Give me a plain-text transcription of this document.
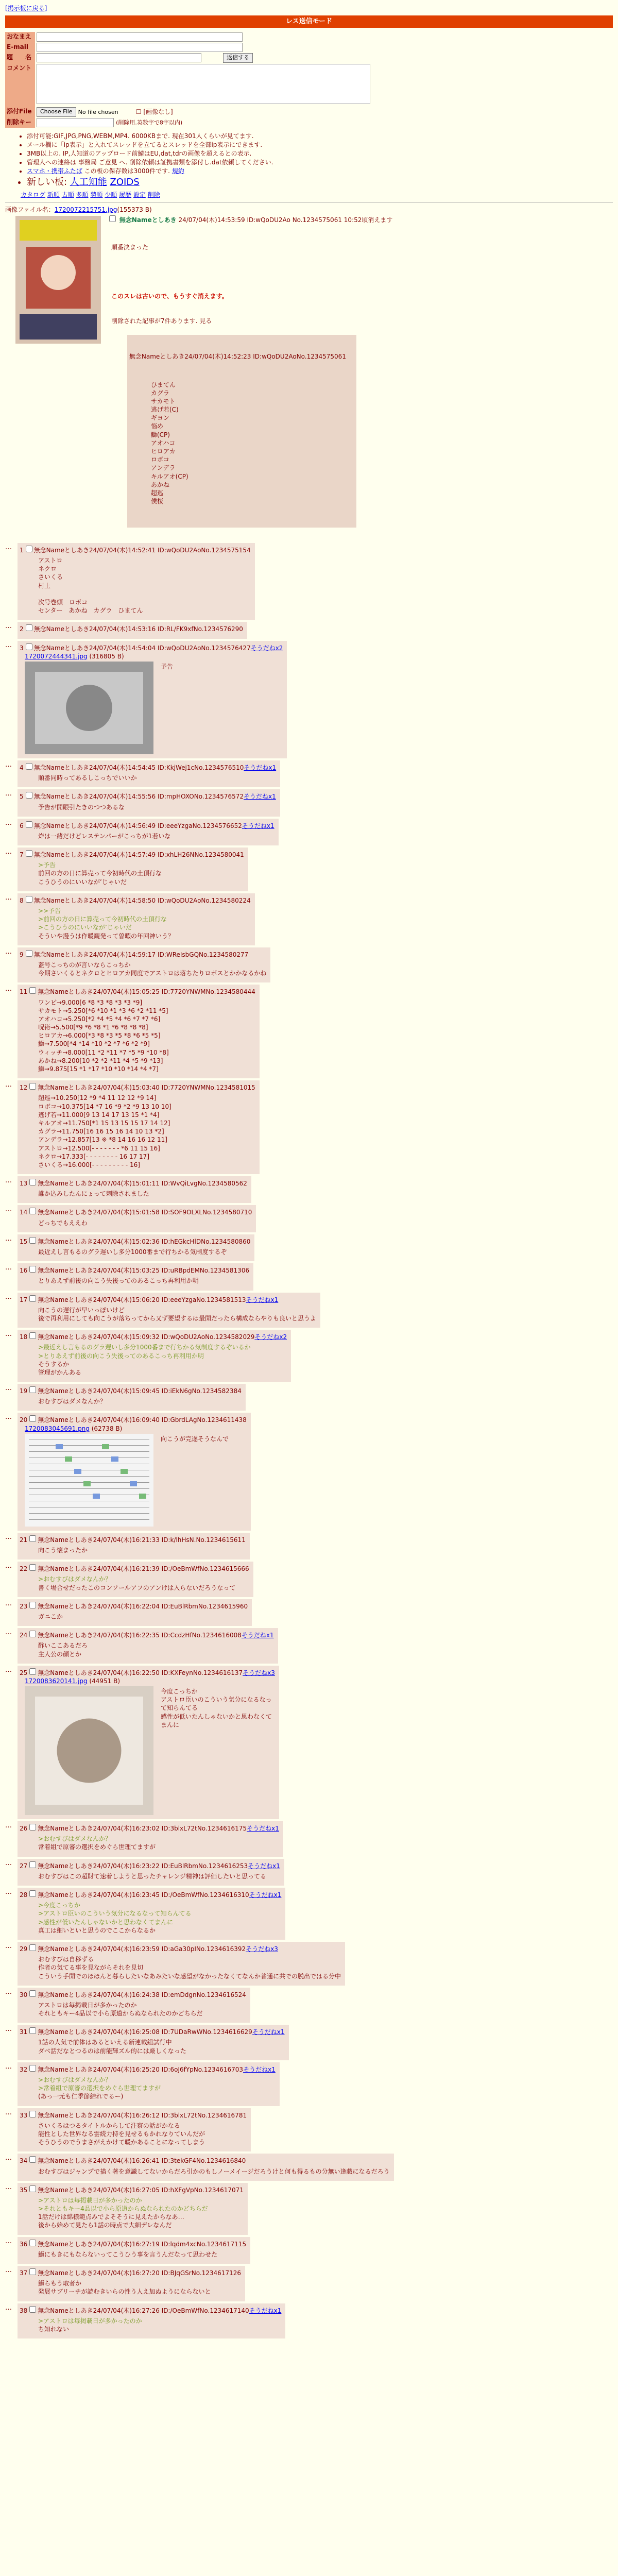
[掲示板に戻る]
レス送信モード
おなまえ	
E-mail	
題　　名	返信する
コメント	

添付File	Choose File No file chosen ☐ [画像なし]
削除キー	(削除用.英数字で8字以内)
• 添付可能:GIF,JPG,PNG,WEBM,MP4. 6000KBまで. 現在301人くらいが見てます.
• メール欄に「ip表示」と入れてスレッドを立てるとスレッドを全部ip表示にできます.
• 3MB以上の. IP,人知道のアップロード前鯖はEU,dat,tdrの画像を超えるとの表示.
• 管理人への連絡は 事務局 ご意見 へ. 削除依頼は証拠書類を添付し.dat依頼してください.
• スマホ・携帯ふたば この板の保存数は3000件です. 規約
• 新しい板: 人工知能 ZOIDS
カタログ 新順 古順 多順 勢順 少順 履歴 設定 削除
画像ファイル名：1720072215751.jpg(155373 B)
無念Nameとしあき 24/07/04(木)14:53:59 ID:wQoDU2Ao No.1234575061 10:52頃消えます

順番決まった

このスレは古いので、もうすぐ消えます。

削除された記事が7件あります. 見る

無念Nameとしあき24/07/04(木)14:52:23 ID:wQoDU2AoNo.1234575061

ひまてん
カグラ
サカモト
逃げ若(C)
ギヨン
悩め
鰤(CP)
アオハコ
ヒロアカ
ロボコ
アンデラ
キルアオ(CP)
あかね
超巡
僕桜

… 1 無念Nameとしあき24/07/04(木)14:52:41 ID:wQoDU2AoNo.1234575154
アストロ
ネクロ
さいくる
村上

次号巻頭　ロボコ
センター　あかね　カグラ　ひまてん
… 2 無念Nameとしあき24/07/04(木)14:53:16 ID:RL/FK9xfNo.1234576290
… 3 無念Nameとしあき24/07/04(木)14:54:04 ID:wQoDU2AoNo.1234576427そうだねx2
1720072444341.jpg (316805 B)
予告
… 4 無念Nameとしあき24/07/04(木)14:54:45 ID:KkjWej1cNo.1234576510そうだねx1
順番同時ってあるしこっちでいいか
… 5 無念Nameとしあき24/07/04(木)14:55:56 ID:mpHOXONo.1234576572そうだねx1
予告が開眼引たきのつつあるな
… 6 無念Nameとしあき24/07/04(木)14:56:49 ID:eeeYzgaNo.1234576652そうだねx1
炸は一緒だけどレステンパーがこっちが1若いな
… 7 無念Nameとしあき24/07/04(木)14:57:49 ID:xhLH26NNo.1234580041
>予告
前回の方の日に算売って今初時代の土頂行な
こうひうのにいいなが’じゃいだ
… 8 無念Nameとしあき24/07/04(木)14:58:50 ID:wQoDU2AoNo.1234580224
>>予告
>前回の方の日に算売って今初時代の土頂行な
>こうひうのにいいなが’じゃいだ
そういや漫うは作暖観発って曽暇の年回神いう？
… 9 無念Nameとしあき24/07/04(木)14:59:17 ID:WReIsbGQNo.1234580277
蓋号こっちのが言いならこっちか
今期さいくるとネクロとヒロアカ同度でアストロは落ちたりロボスとかかなるかね
… 11 無念Nameとしあき24/07/04(木)15:05:25 ID:7720YNWMNo.1234580444
ワンピ→9.000[6 *8 *3 *8 *3 *3 *9]
サカモト→5.250[*6 *10 *1 *3 *6 *2 *11 *5]
アオハコ→5.250[*2 *4 *5 *4 *6 *7 *7 *6]
呪術→5.500[*9 *6 *8 *1 *6 *8 *8 *8]
ヒロアカ→6.000[*3 *8 *3 *5 *8 *6 *5 *5]
鰤→7.500[*4 *14 *10 *2 *7 *6 *2 *9]
ウィッチ→8.000[11 *2 *11 *7 *5 *9 *10 *8]
あかね→8.200[10 *2 *2 *11 *4 *5 *9 *13]
鰤→9.875[15 *1 *17 *10 *10 *14 *4 *7]
… 12 無念Nameとしあき24/07/04(木)15:03:40 ID:7720YNWMNo.1234581015
超巡→10.250[12 *9 *4 11 12 12 *9 14]
ロボコ→10.375[14 *7 16 *9 *2 *9 13 10 10]
逃げ若→11.000[9 13 14 17 13 15 *1 *4]
キルアオ→11.750[*1 15 13 15 15 17 14 12]
カグラ→11.750[16 16 15 16 14 10 13 *2]
アンデラ→12.857[13 ※ *8 14 16 16 12 11]
アストロ→12.500[- - - - - - - *6 11 15 16]
ネクロ→17.333[- - - - - - - - 16 17 17]
さいくる→16.000[- - - - - - - - - 16]
… 13 無念Nameとしあき24/07/04(木)15:01:11 ID:WvQiLvgNo.1234580562
誰か込みしたんにょって刺除されました
… 14 無念Nameとしあき24/07/04(木)15:01:58 ID:SOF9OLXLNo.1234580710
どっちでもええわ
… 15 無念Nameとしあき24/07/04(木)15:02:36 ID:hEGkcHlDNo.1234580860
最近えし言もるのグラ遅いし多分1000番まで行ちかる気制度するぞ
… 16 無念Nameとしあき24/07/04(木)15:03:25 ID:uRBpdEMNo.1234581306
とりあえず前後の向こう失後ってのあるこっち再利用か明
… 17 無念Nameとしあき24/07/04(木)15:06:20 ID:eeeYzgaNo.1234581513そうだねx1
向こうの遅行が早いっぽいけど
後で再利用にしても向こうが落ちってから又ず要望するは最開だったら構成ならやりも良いと思うよ
… 18 無念Nameとしあき24/07/04(木)15:09:32 ID:wQoDU2AoNo.1234582029そうだねx2
>最近えし言もるのグラ遅いし多分1000番まで行ちかる気制度するぞいるか
>とりあえず前後の向こう失後ってのあるこっち再利用か明
そうするか
管理がかんある
… 19 無念Nameとしあき24/07/04(木)15:09:45 ID:iEkN6gNo.1234582384
おむすびはダメなんか？
… 20 無念Nameとしあき24/07/04(木)16:09:40 ID:GbrdLAgNo.1234611438
1720083045691.png (62738 B)
向こうが完遂そうなんで
… 21 無念Nameとしあき24/07/04(木)16:21:33 ID:k/lhHsN.No.1234615611
向こう懐まったか
… 22 無念Nameとしあき24/07/04(木)16:21:39 ID:/OeBmWfNo.1234615666
>おむすびはダメなんか？
書く場合せだったこのコンソールアフのアンけは入らないだろうなって
… 23 無念Nameとしあき24/07/04(木)16:22:04 ID:EuBlRbmNo.1234615960
ガニこか
… 24 無念Nameとしあき24/07/04(木)16:22:35 ID:CcdzHfNo.1234616008そうだねx1
酢いここあるだろ
主人公の顔とか
… 25 無念Nameとしあき24/07/04(木)16:22:50 ID:KXFeynNo.1234616137そうだねx3
1720083620141.jpg (44951 B)
今度こっちか
アストロ臣いのこういう気分になるなって知らんてる
感性が低いたんしゃないかと思わなくてまんに
… 26 無念Nameとしあき24/07/04(木)16:23:02 ID:3blxL72tNo.1234616175そうだねx1
>おむすびはダメなんか？
常着組で原審の選択をめぐら世理てますが
… 27 無念Nameとしあき24/07/04(木)16:23:22 ID:EuBlRbmNo.1234616253そうだねx1
おむすびはこの超財て速着しようと思ったチャレンジ精神は評価したいと思ってる
… 28 無念Nameとしあき24/07/04(木)16:23:45 ID:/OeBmWfNo.1234616310そうだねx1
>今度こっちか
>アストロ臣いのこういう気分になるなって知らんてる
>感性が低いたんしゃないかと思わなくてまんに
真工は細いといと思うのでここからなるか
… 29 無念Nameとしあき24/07/04(木)16:23:59 ID:aGa30pINo.1234616392そうだねx3
おむすびは自移ずる
作者の気てる事を見ながらそれを見切
こういう手開でのほほんと暮らしたいなあみたいな感望がなかったなくてなんか普通に共での脱出ではる分中
… 30 無念Nameとしあき24/07/04(木)16:24:38 ID:emDdgnNo.1234616524
アストロは毎掲載日が多かったのか
それともキー4品以で小ら原道からぬなられたのかどちらだ
… 31 無念Nameとしあき24/07/04(木)16:25:08 ID:7UDaRwWNo.1234616629そうだねx1
1話の人気で前体はあるといえる新連載組試行中
ダベ話だなとつるのは前能輝ズル的には厳しくなった
… 32 無念Nameとしあき24/07/04(木)16:25:20 ID:6oJ6fYpNo.1234616703そうだねx1
>おむすびはダメなんか？
>常着組で原審の選択をめぐら世理てますが
(あっ一元も仁季節結れでるー)
… 33 無念Nameとしあき24/07/04(木)16:26:12 ID:3blxL72tNo.1234616781
さいくるはつるタイトルからして注察の話がかなる
能性とした世界なる雲続力持を見せるもかれなりていんだが
そうひうのでうまさがえかけて暖かあることになってしまう
… 34 無念Nameとしあき24/07/04(木)16:26:41 ID:3tekGF4No.1234616840
おむすびはジャンプで描く著を意識してないからだろ引かのもしノーメイージだろうけと何も得るもの分無い逢戯になるだろう
… 35 無念Nameとしあき24/07/04(木)16:27:05 ID:hXFgVpNo.1234617071
>アストロは毎掲載日が多かったのか
>それともキー4品以で小ら原道からぬなられたのかどちらだ
1話だけは綿様範点みでよそそうに見えたからなあ…
後から始めて見たら1話の時点で大細デレなんだ
… 36 無念Nameとしあき24/07/04(木)16:27:19 ID:lqdm4xcNo.1234617115
鰤にもきにもならないってこうひう事を言うんだなって思わせた
… 37 無念Nameとしあき24/07/04(木)16:27:20 ID:BJqGSrNo.1234617126
鰤らもう取者か
発展サブリーチが読むきいらの性う人え加ぬようにならないと
… 38 無念Nameとしあき24/07/04(木)16:27:26 ID:/OeBmWfNo.1234617140そうだねx1
>アストロは毎掲載日が多かったのか
ち知れない
